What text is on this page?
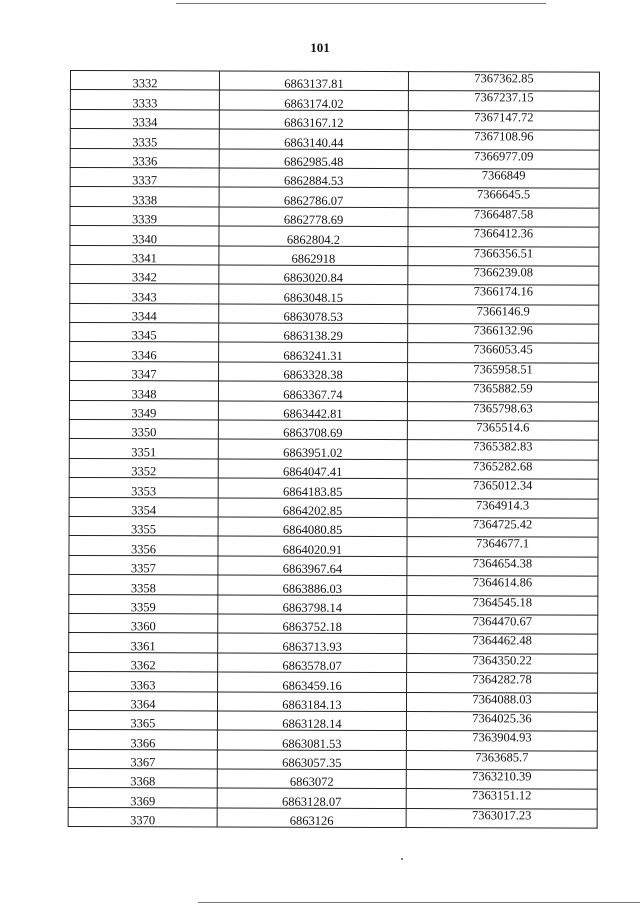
101
3332	6863137.81	7367362.85
3333	6863174.02	7367237.15
3334	6863167.12	7367147.72
3335	6863140.44	7367108.96
3336	6862985.48	7366977.09
3337	6862884.53	7366849
3338	6862786.07	7366645.5
3339	6862778.69	7366487.58
3340	6862804.2	7366412.36
3341	6862918	7366356.51
3342	6863020.84	7366239.08
3343	6863048.15	7366174.16
3344	6863078.53	7366146.9
3345	6863138.29	7366132.96
3346	6863241.31	7366053.45
3347	6863328.38	7365958.51
3348	6863367.74	7365882.59
3349	6863442.81	7365798.63
3350	6863708.69	7365514.6
3351	6863951.02	7365382.83
3352	6864047.41	7365282.68
3353	6864183.85	7365012.34
3354	6864202.85	7364914.3
3355	6864080.85	7364725.42
3356	6864020.91	7364677.1
3357	6863967.64	7364654.38
3358	6863886.03	7364614.86
3359	6863798.14	7364545.18
3360	6863752.18	7364470.67
3361	6863713.93	7364462.48
3362	6863578.07	7364350.22
3363	6863459.16	7364282.78
3364	6863184.13	7364088.03
3365	6863128.14	7364025.36
3366	6863081.53	7363904.93
3367	6863057.35	7363685.7
3368	6863072	7363210.39
3369	6863128.07	7363151.12
3370	6863126	7363017.23
